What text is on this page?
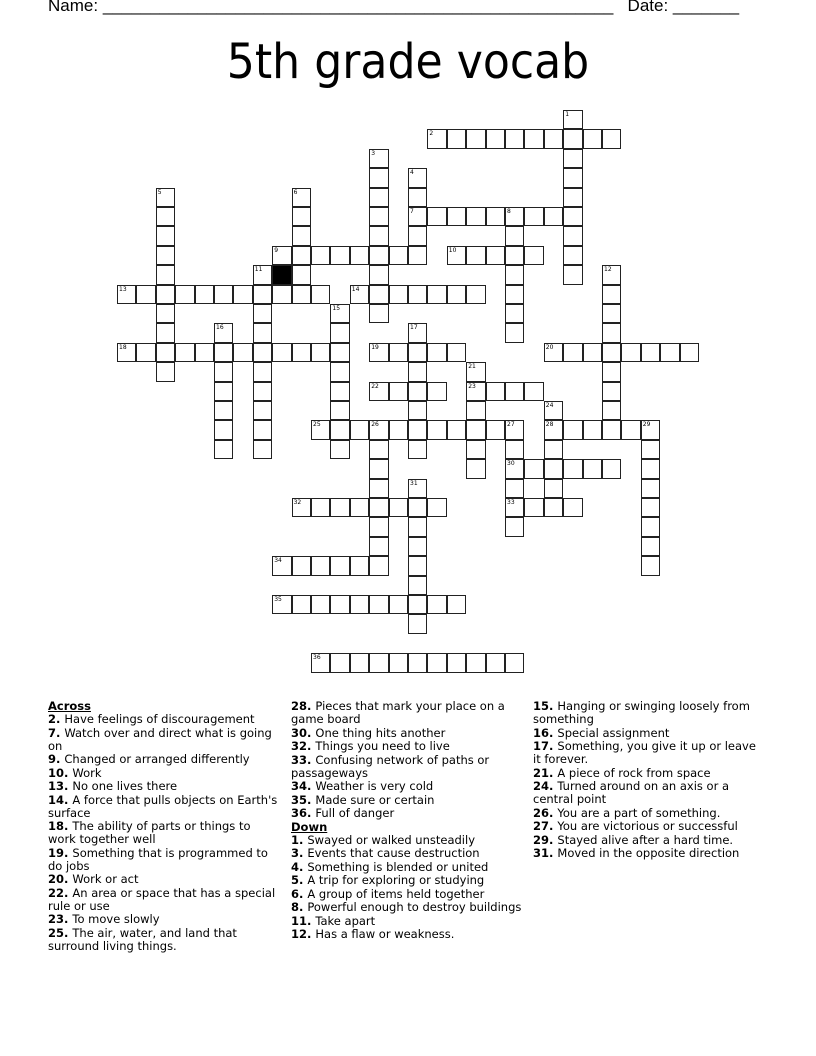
Name: ______________________________________________________ Date: _______
5th grade vocab
1
2
3
4
7
5	6
8
9	10
11	12
13	14
15
16	17
18	19	20
21
23
22
24
28
25	26	27
30
33
29
31
32
34
35
36
Across
2. Have feelings of discouragement
7. Watch over and direct what is going on
9. Changed or arranged differently
10. Work
13. No one lives there
14. A force that pulls objects on Earth's surface
18. The ability of parts or things to work together well
19. Something that is programmed to do jobs
20. Work or act
22. An area or space that has a special rule or use
23. To move slowly
25. The air, water, and land that surround living things.
28. Pieces that mark your place on a game board
30. One thing hits another
32. Things you need to live
33. Confusing network of paths or passageways
34. Weather is very cold
35. Made sure or certain
36. Full of danger
Down
1. Swayed or walked unsteadily
3. Events that cause destruction
4. Something is blended or united
5. A trip for exploring or studying
6. A group of items held together
8. Powerful enough to destroy buildings
11. Take apart
12. Has a flaw or weakness.
15. Hanging or swinging loosely from something
16. Special assignment
17. Something, you give it up or leave it forever.
21. A piece of rock from space
24. Turned around on an axis or a central point
26. You are a part of something.
27. You are victorious or successful
29. Stayed alive after a hard time.
31. Moved in the opposite direction
